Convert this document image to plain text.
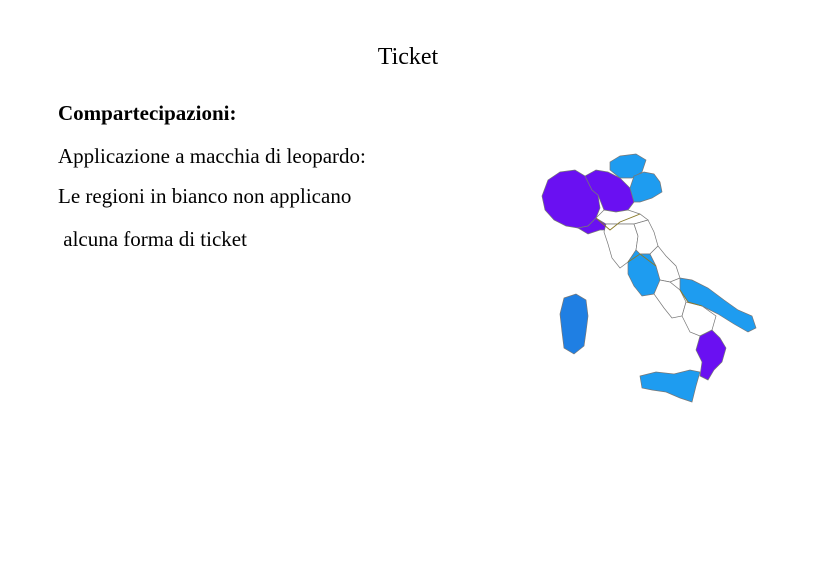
Ticket
Compartecipazioni:
Applicazione a macchia di leopardo:
Le regioni in bianco non applicano
alcuna forma di ticket
